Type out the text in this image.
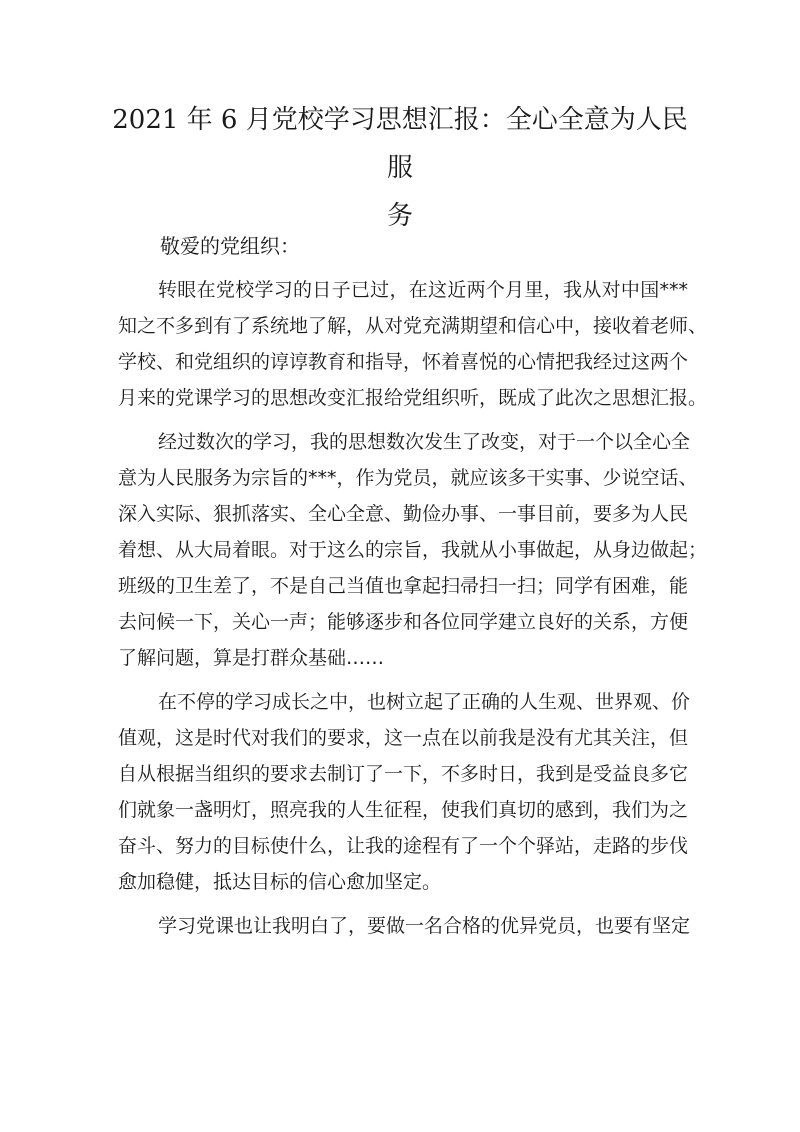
2021 年 6 月党校学习思想汇报：全心全意为人民服
务
敬爱的党组织：
转眼在党校学习的日子已过，在这近两个月里，我从对中国***
知之不多到有了系统地了解，从对党充满期望和信心中，接收着老师、
学校、和党组织的谆谆教育和指导，怀着喜悦的心情把我经过这两个
月来的党课学习的思想改变汇报给党组织听，既成了此次之思想汇报。
经过数次的学习，我的思想数次发生了改变，对于一个以全心全
意为人民服务为宗旨的***，作为党员，就应该多干实事、少说空话、
深入实际、狠抓落实、全心全意、勤俭办事、一事目前，要多为人民
着想、从大局着眼。对于这么的宗旨，我就从小事做起，从身边做起；
班级的卫生差了，不是自己当值也拿起扫帚扫一扫；同学有困难，能
去问候一下，关心一声；能够逐步和各位同学建立良好的关系，方便
了解问题，算是打群众基础……
在不停的学习成长之中，也树立起了正确的人生观、世界观、价
值观，这是时代对我们的要求，这一点在以前我是没有尤其关注，但
自从根据当组织的要求去制订了一下，不多时日，我到是受益良多它
们就象一盏明灯，照亮我的人生征程，使我们真切的感到，我们为之
奋斗、努力的目标使什么，让我的途程有了一个个驿站，走路的步伐
愈加稳健，抵达目标的信心愈加坚定。
学习党课也让我明白了，要做一名合格的优异党员，也要有坚定
